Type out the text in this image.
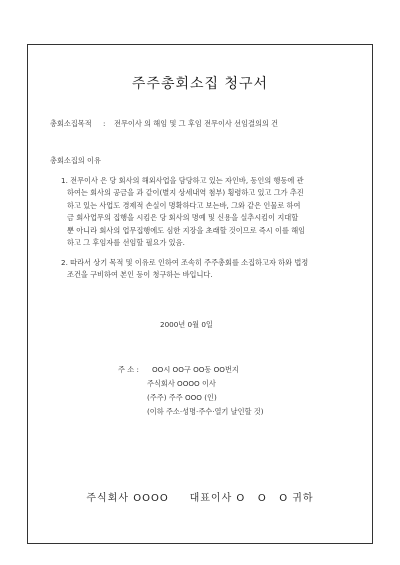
주주총회소집 청구서
총회소집목적 : 전무이사 의 해임 및 그 후임 전무이사 선임결의의 건
총회소집의 이유
1. 전무이사 은 당 회사의 해외사업을 담당하고 있는 자인바, 동인의 행동에 관
하여는 회사의 공금을 과 같이(별지 상세내역 첨부) 횡령하고 있고 그가 추진
하고 있는 사업도 경제적 손실이 명확하다고 보는바, 그와 같은 인물로 하여
금 회사업무의 집행을 시킴은 당 회사의 명예 및 신용을 실추시킴이 지대할
뿐 아니라 회사의 업무집행에도 심한 지장을 초래할 것이므로 즉시 이를 해임
하고 그 후임자를 선임할 필요가 있음.
2. 따라서 상기 목적 및 이유로 인하여 조속히 주주총회를 소집하고자 하와 법정
조건을 구비하여 본인 등이 청구하는 바입니다.
2000년 0월 0일
주 소 : OO시 OO구 OO동 OO번지
주식회사 OOOO 이사
(주주) 주주 OOO (인)
(이하 주소·성명·주수·열기 날인할 것)
주식회사 OOOO     대표이사 O   O   O 귀하
